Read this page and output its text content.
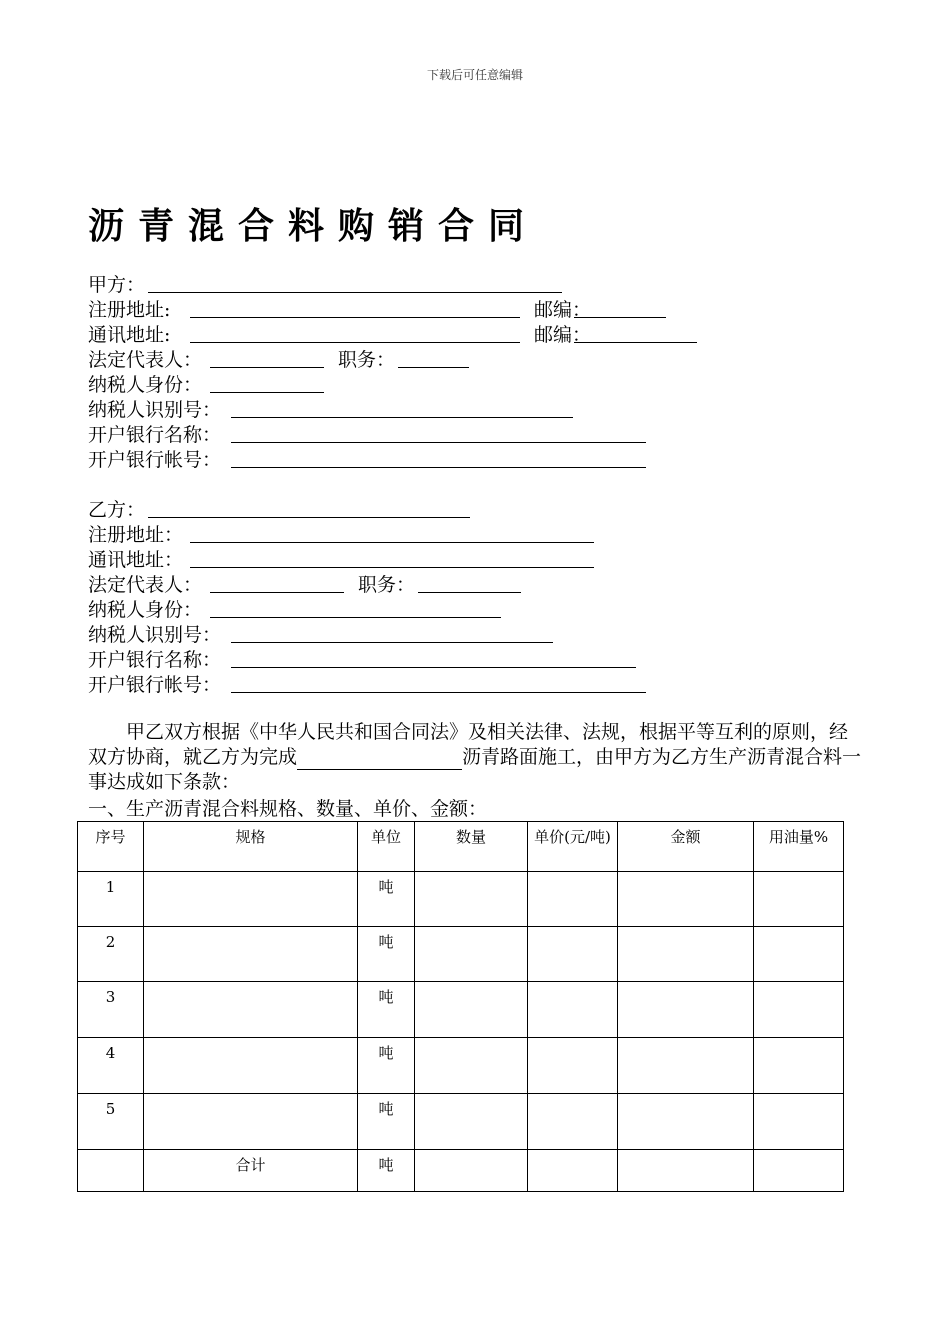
下载后可任意编辑
沥青混合料购销合同
甲方：
注册地址:	邮编：
通讯地址:	邮编：
法定代表人：	职务：
纳税人身份：
纳税人识别号：
开户银行名称：
开户银行帐号：
乙方：
注册地址：
通讯地址：
法定代表人：	职务：
纳税人身份：
纳税人识别号：
开户银行名称：
开户银行帐号：

甲乙双方根据《中华人民共和国合同法》及相关法律、法规，根据平等互利的原则，经双方协商，就乙方为完成	沥青路面施工，由甲方为乙方生产沥青混合料一事达成如下条款：

一、生产沥青混合料规格、数量、单价、金额：
序号	规格	单位	数量	单价(元/吨)	金额	用油量%
1		吨				
2		吨				
3		吨				
4		吨				
5		吨				
	合计	吨				
